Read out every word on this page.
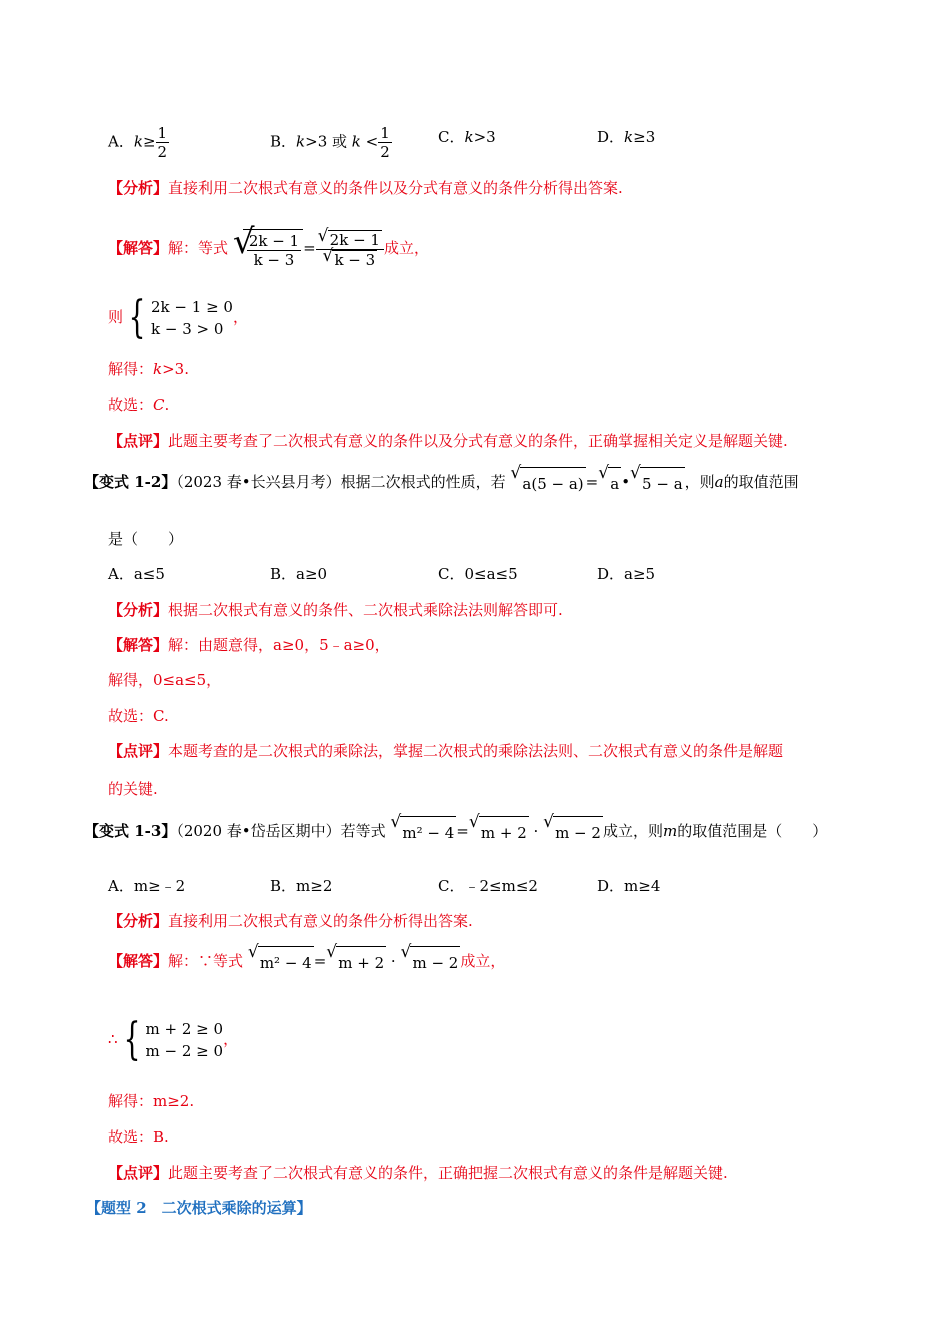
A．$k\ge \frac{1}{2}$	B．k>3 或 $k < \frac{1}{2}$	C．k>3	D．k≥3
【分析】直接利用二次根式有意义的条件以及分式有意义的条件分析得出答案.
【解答】解：等式 √
$\frac{2k - 1}{k - 3} = \frac{√ 2k - 1}{√ k - 3}$ 成立，
则 { 2k − 1 ≥ 0
k − 3 > 0
，
解得：k>3.
故选：C.
【点评】此题主要考查了二次根式有意义的条件以及分式有意义的条件，正确掌握相关定义是解题关键.
【变式 1-2】（2023 春•长兴县月考）根据二次根式的性质，若 √
a(5 − a) = √
a • √
5 − a ，则a的取值范围
是（　　）
A．a≤5	B．a≥0	C．0≤a≤5	D．a≥5
【分析】根据二次根式有意义的条件、二次根式乘除法法则解答即可.
【解答】解：由题意得，a≥0，5﹣a≥0，
解得，0≤a≤5，
故选：C.
【点评】本题考查的是二次根式的乘除法，掌握二次根式的乘除法法则、二次根式有意义的条件是解题
的关键.
【变式 1-3】（2020 春•岱岳区期中）若等式 √
m² − 4 = √
m + 2 · √
m − 2 成立，则m的取值范围是（　　）
A．m≥﹣2	B．m≥2	C．﹣2≤m≤2	D．m≥4
【分析】直接利用二次根式有意义的条件分析得出答案.
【解答】解：∵等式 √
m² − 4 = √
m + 2 · √
m − 2 成立，
∴ { m + 2 ≥ 0
m − 2 ≥ 0
，
解得：m≥2.
故选：B.
【点评】此题主要考查了二次根式有意义的条件，正确把握二次根式有意义的条件是解题关键.
【题型 2　二次根式乘除的运算】
